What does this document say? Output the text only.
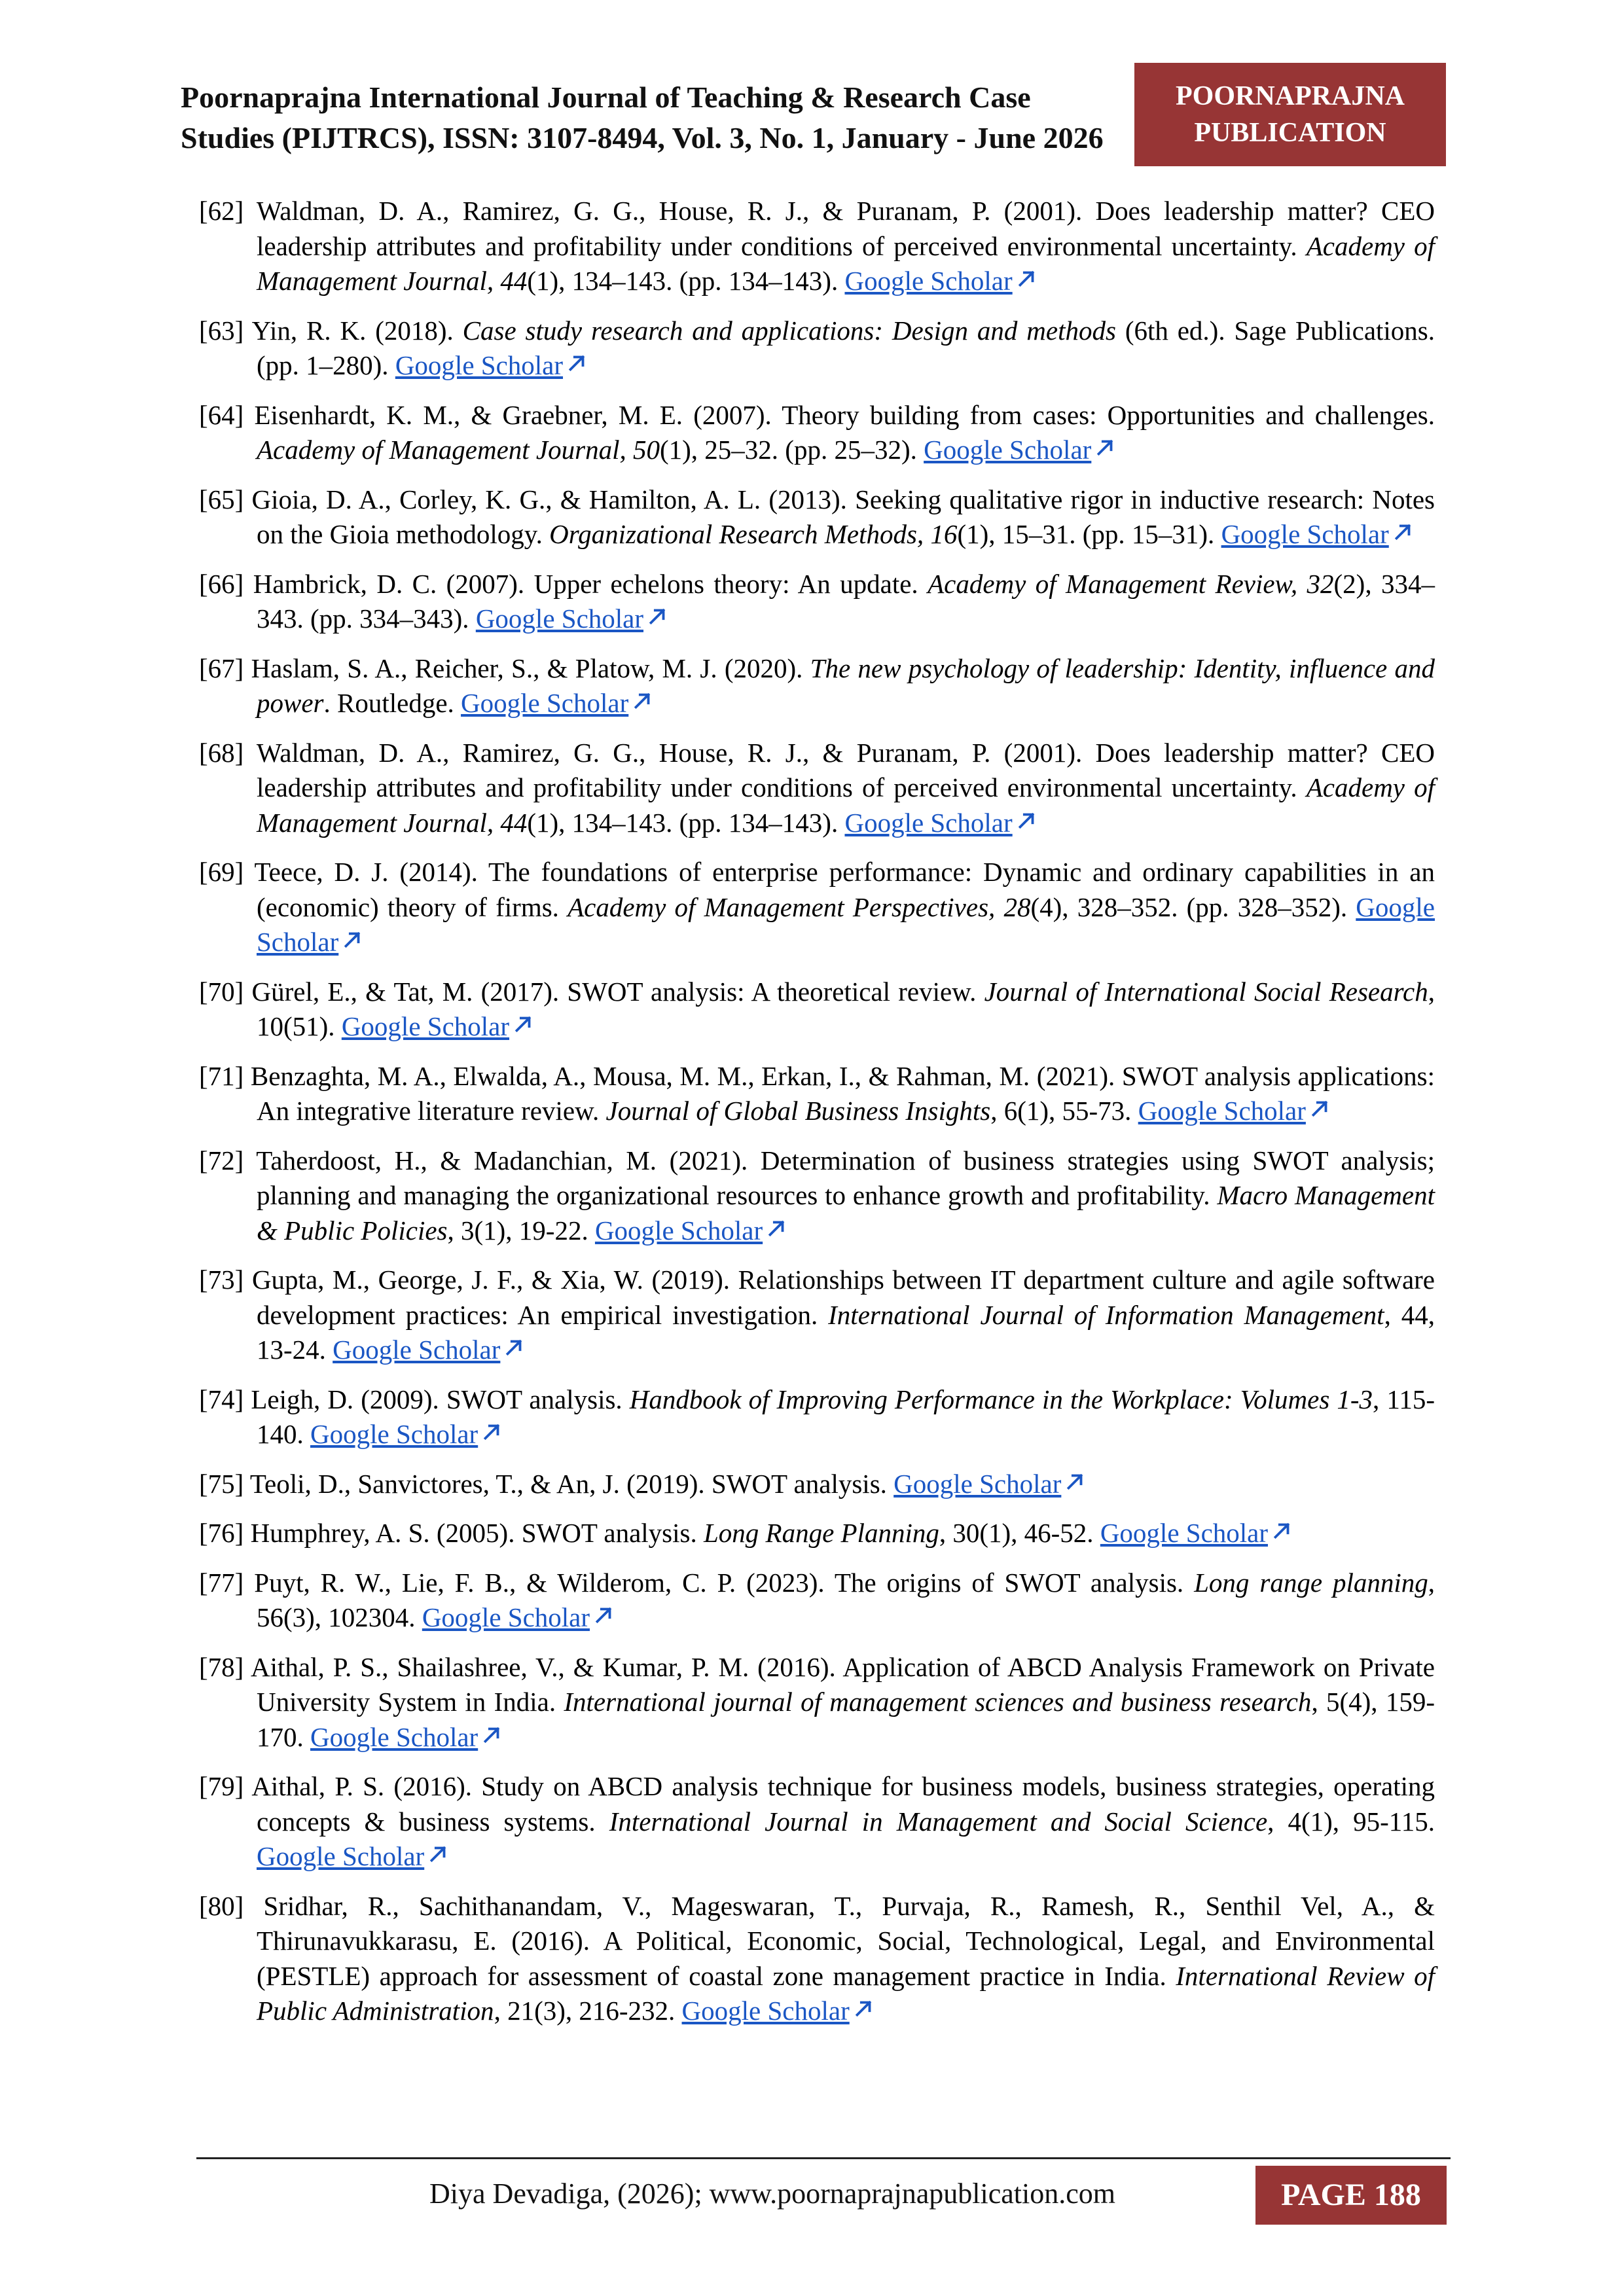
Poornaprajna International Journal of Teaching & Research Case
Studies (PIJTRCS), ISSN: 3107-8494, Vol. 3, No. 1, January - June 2026
POORNAPRAJNA
PUBLICATION
[62] Waldman, D. A., Ramirez, G. G., House, R. J., & Puranam, P. (2001). Does leadership matter? CEO leadership attributes and profitability under conditions of perceived environmental uncertainty. Academy of Management Journal, 44(1), 134–143. (pp. 134–143). Google Scholar
[63] Yin, R. K. (2018). Case study research and applications: Design and methods (6th ed.). Sage Publications. (pp. 1–280). Google Scholar
[64] Eisenhardt, K. M., & Graebner, M. E. (2007). Theory building from cases: Opportunities and challenges. Academy of Management Journal, 50(1), 25–32. (pp. 25–32). Google Scholar
[65] Gioia, D. A., Corley, K. G., & Hamilton, A. L. (2013). Seeking qualitative rigor in inductive research: Notes on the Gioia methodology. Organizational Research Methods, 16(1), 15–31. (pp. 15–31). Google Scholar
[66] Hambrick, D. C. (2007). Upper echelons theory: An update. Academy of Management Review, 32(2), 334–343. (pp. 334–343). Google Scholar
[67] Haslam, S. A., Reicher, S., & Platow, M. J. (2020). The new psychology of leadership: Identity, influence and power. Routledge. Google Scholar
[68] Waldman, D. A., Ramirez, G. G., House, R. J., & Puranam, P. (2001). Does leadership matter? CEO leadership attributes and profitability under conditions of perceived environmental uncertainty. Academy of Management Journal, 44(1), 134–143. (pp. 134–143). Google Scholar
[69] Teece, D. J. (2014). The foundations of enterprise performance: Dynamic and ordinary capabilities in an (economic) theory of firms. Academy of Management Perspectives, 28(4), 328–352. (pp. 328–352). Google Scholar
[70] Gürel, E., & Tat, M. (2017). SWOT analysis: A theoretical review. Journal of International Social Research, 10(51). Google Scholar
[71] Benzaghta, M. A., Elwalda, A., Mousa, M. M., Erkan, I., & Rahman, M. (2021). SWOT analysis applications: An integrative literature review. Journal of Global Business Insights, 6(1), 55-73. Google Scholar
[72] Taherdoost, H., & Madanchian, M. (2021). Determination of business strategies using SWOT analysis; planning and managing the organizational resources to enhance growth and profitability. Macro Management & Public Policies, 3(1), 19-22. Google Scholar
[73] Gupta, M., George, J. F., & Xia, W. (2019). Relationships between IT department culture and agile software development practices: An empirical investigation. International Journal of Information Management, 44, 13-24. Google Scholar
[74] Leigh, D. (2009). SWOT analysis. Handbook of Improving Performance in the Workplace: Volumes 1-3, 115-140. Google Scholar
[75] Teoli, D., Sanvictores, T., & An, J. (2019). SWOT analysis. Google Scholar
[76] Humphrey, A. S. (2005). SWOT analysis. Long Range Planning, 30(1), 46-52. Google Scholar
[77] Puyt, R. W., Lie, F. B., & Wilderom, C. P. (2023). The origins of SWOT analysis. Long range planning, 56(3), 102304. Google Scholar
[78] Aithal, P. S., Shailashree, V., & Kumar, P. M. (2016). Application of ABCD Analysis Framework on Private University System in India. International journal of management sciences and business research, 5(4), 159-170. Google Scholar
[79] Aithal, P. S. (2016). Study on ABCD analysis technique for business models, business strategies, operating concepts & business systems. International Journal in Management and Social Science, 4(1), 95-115. Google Scholar
[80] Sridhar, R., Sachithanandam, V., Mageswaran, T., Purvaja, R., Ramesh, R., Senthil Vel, A., & Thirunavukkarasu, E. (2016). A Political, Economic, Social, Technological, Legal, and Environmental (PESTLE) approach for assessment of coastal zone management practice in India. International Review of Public Administration, 21(3), 216-232. Google Scholar
Diya Devadiga, (2026); www.poornaprajnapublication.com	PAGE 188
